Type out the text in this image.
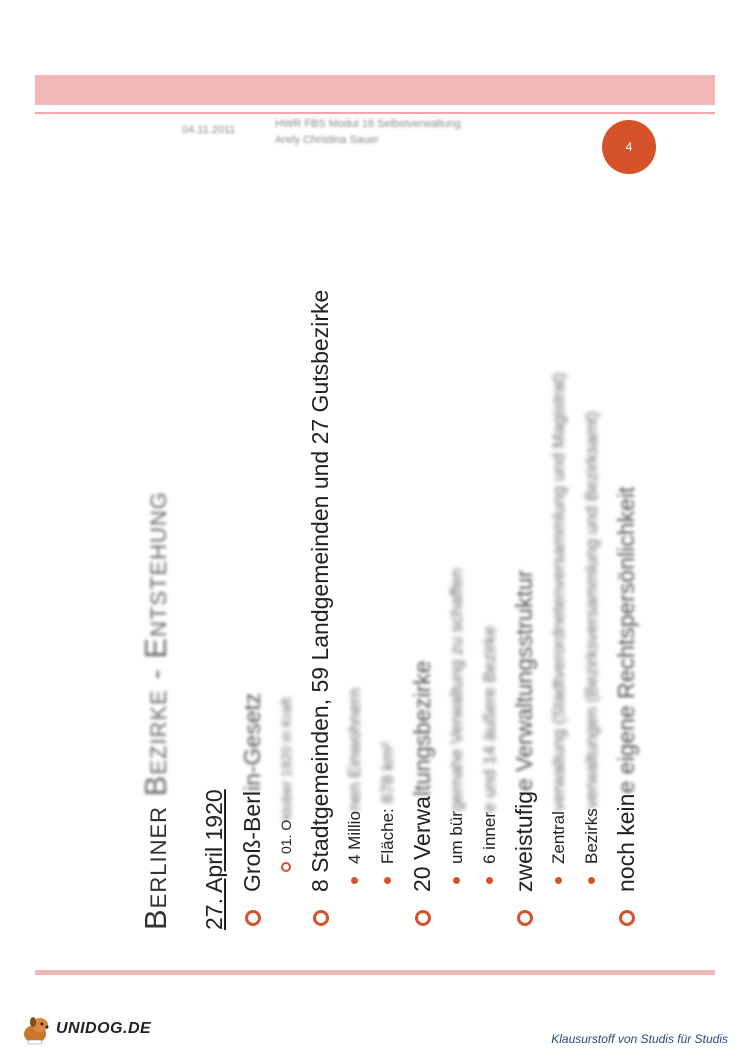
04.11.2011	HWR FBS Modul 18 Selbstverwaltung
Arely Christina Sauer	4
Berliner Bezirke - Entstehung
27. April 1920 Groß-Berlin-Gesetz
01. Oktober 1920 in Kraft 8 Stadtgemeinden, 59 Landgemeinden und 27 Gutsbezirke 4 Millionen Einwohnern
Fläche: 878 km²
20 Verwaltungsbezirke
um bürgernahe Verwaltung zu schaffen
6 innere und 14 äußere Bezirke
zweistufige Verwaltungsstruktur
Zentralverwaltung (Stadtverordnetenversammlung und Magistrat)
Bezirksverwaltungen (Bezirksversammlung und Bezirksamt)
noch keine eigene Rechtspersönlichkeit
UNIDOG.DE
Klausurstoff von Studis für Studis
